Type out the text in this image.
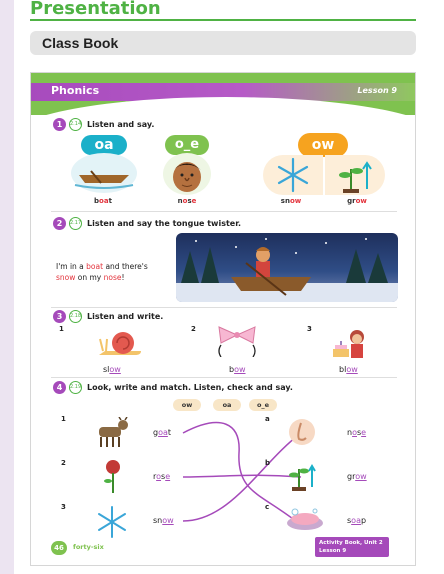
Presentation
Class Book
Phonics	Lesson 9
1	2.14 Listen and say.
oa
boat
o_e
nose
ow
snow	grow
2	2.17 Listen and say the tongue twister.
I'm in a boat and there's
snow on my nose!
3	2.18 Listen and write.
1
slow
2
bow
3
blow
4	2.19 Look, write and match. Listen, check and say.
ow	oa	o_e
1
goat
2
rose
3
snow
a
nose
b
grow
c
soap
46	forty-six	Activity Book, Unit 2
Lesson 9
